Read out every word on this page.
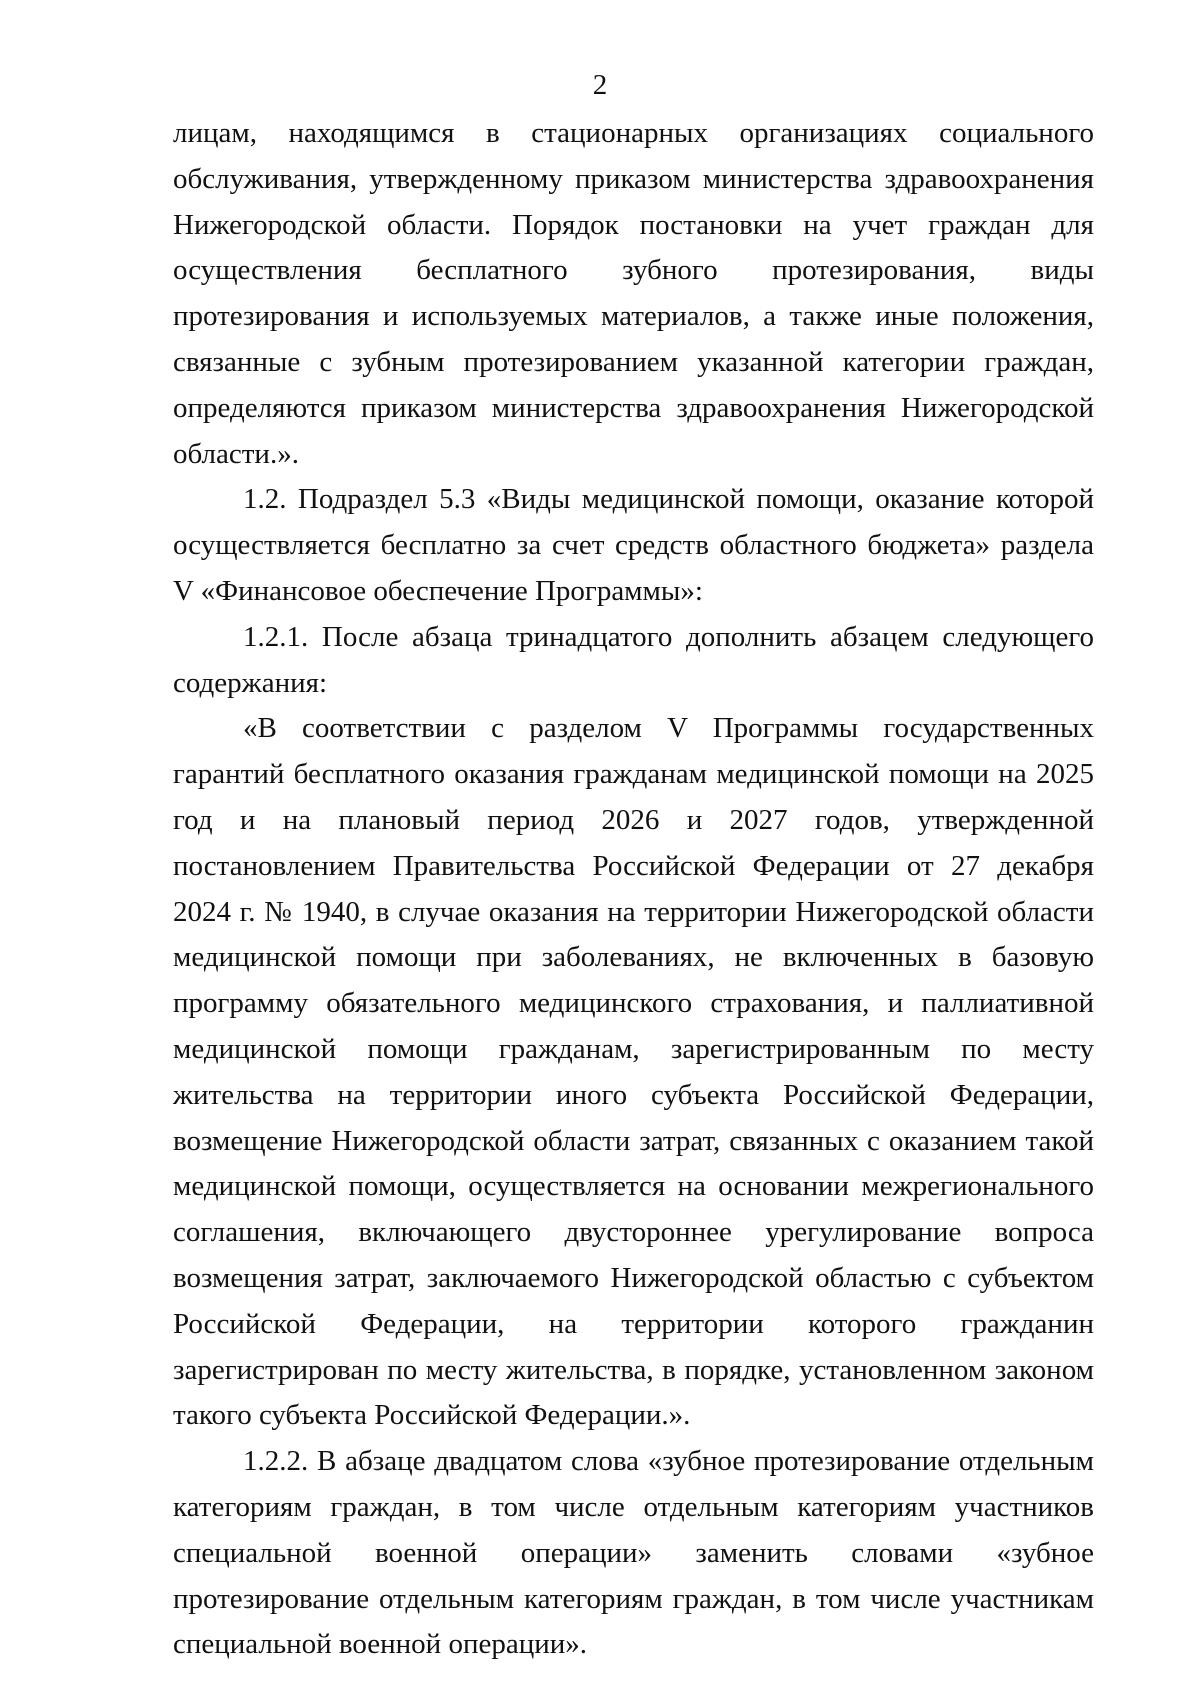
2

лицам, находящимся в стационарных организациях социального обслуживания, утвержденному приказом министерства здравоохранения Нижегородской области. Порядок постановки на учет граждан для осуществления бесплатного зубного протезирования, виды протезирования и используемых материалов, а также иные положения, связанные с зубным протезированием указанной категории граждан, определяются приказом министерства здравоохранения Нижегородской области.».

1.2. Подраздел 5.3 «Виды медицинской помощи, оказание которой осуществляется бесплатно за счет средств областного бюджета» раздела V «Финансовое обеспечение Программы»:

1.2.1. После абзаца тринадцатого дополнить абзацем следующего содержания:

«В соответствии с разделом V Программы государственных гарантий бесплатного оказания гражданам медицинской помощи на 2025 год и на плановый период 2026 и 2027 годов, утвержденной постановлением Правительства Российской Федерации от 27 декабря 2024 г. № 1940, в случае оказания на территории Нижегородской области медицинской помощи при заболеваниях, не включенных в базовую программу обязательного медицинского страхования, и паллиативной медицинской помощи гражданам, зарегистрированным по месту жительства на территории иного субъекта Российской Федерации, возмещение Нижегородской области затрат, связанных с оказанием такой медицинской помощи, осуществляется на основании межрегионального соглашения, включающего двустороннее урегулирование вопроса возмещения затрат, заключаемого Нижегородской областью с субъектом Российской Федерации, на территории которого гражданин зарегистрирован по месту жительства, в порядке, установленном законом такого субъекта Российской Федерации.».

1.2.2. В абзаце двадцатом слова «зубное протезирование отдельным категориям граждан, в том числе отдельным категориям участников специальной военной операции» заменить словами «зубное протезирование отдельным категориям граждан, в том числе участникам специальной военной операции».
